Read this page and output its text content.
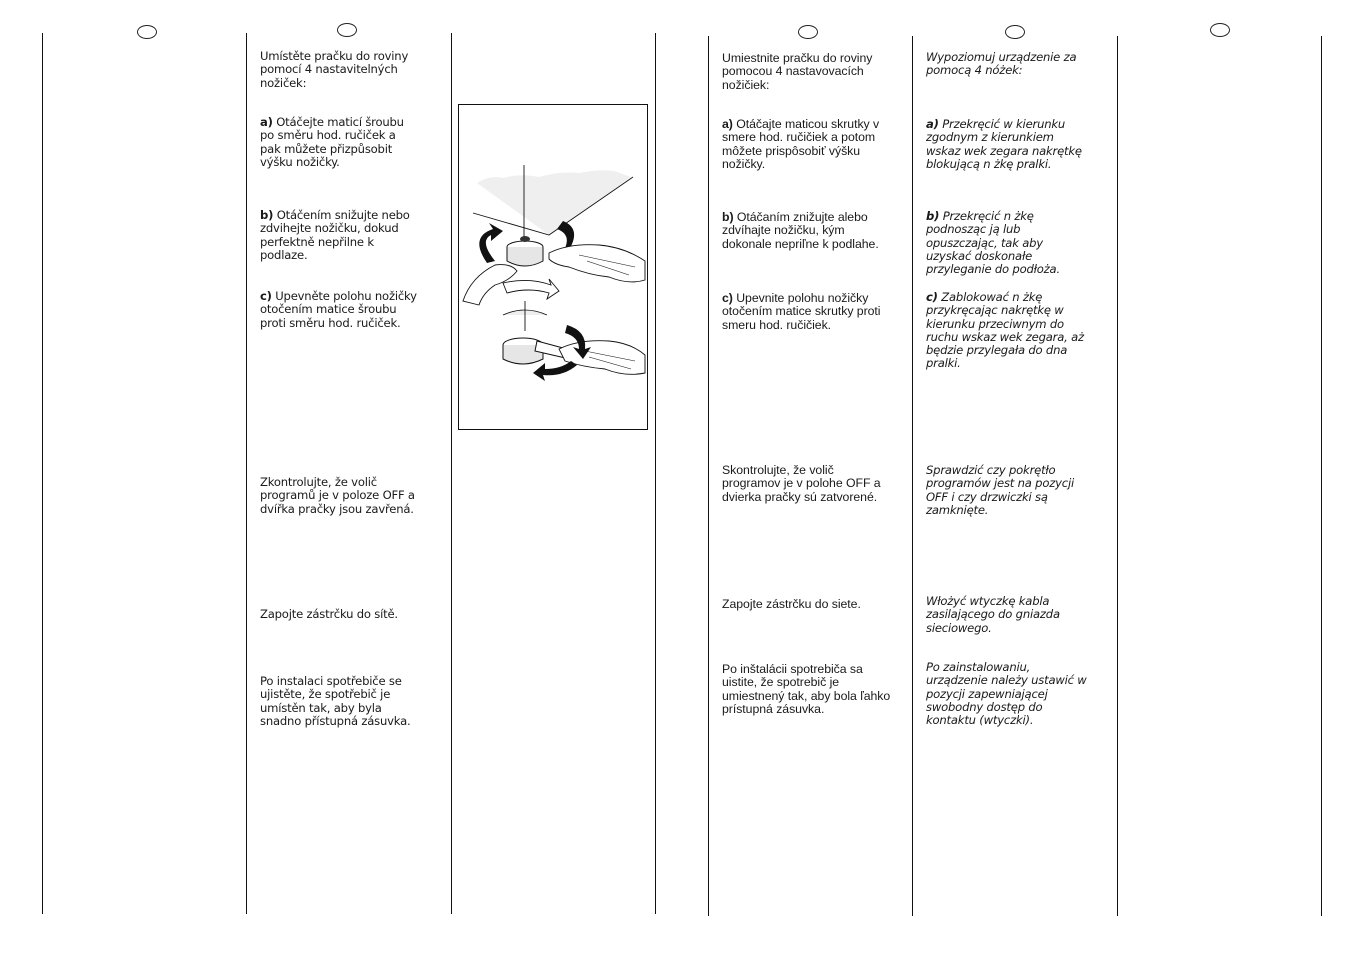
Umístěte pračku do roviny
pomocí 4 nastavitelných
nožiček:

a) Otáčejte maticí šroubu
po směru hod. ručiček a
pak můžete přizpůsobit
výšku nožičky.

b) Otáčením snižujte nebo
zdvihejte nožičku, dokud
perfektně nepřilne k
podlaze.

c) Upevněte polohu nožičky
otočením matice šroubu
proti směru hod. ručiček.

Zkontrolujte, že volič
programů je v poloze OFF a
dvířka pračky jsou zavřená.

Zapojte zástrčku do sítě.

Po instalaci spotřebiče se
ujistěte, že spotřebič je
umístěn tak, aby byla
snadno přístupná zásuvka.

Umiestnite pračku do roviny
pomocou 4 nastavovacích
nožičiek:

a) Otáčajte maticou skrutky v
smere hod. ručičiek a potom
môžete prispôsobiť výšku
nožičky.

b) Otáčaním znižujte alebo
zdvíhajte nožičku, kým
dokonale nepriľne k podlahe.

c) Upevnite polohu nožičky
otočením matice skrutky proti
smeru hod. ručičiek.

Skontrolujte, že volič
programov je v polohe OFF a
dvierka pračky sú zatvorené.

Zapojte zástrčku do siete.

Po inštalácii spotrebiča sa
uistite, že spotrebič je
umiestnený tak, aby bola ľahko
prístupná zásuvka.

Wypoziomuj urządzenie za
pomocą 4 nóżek:

a) Przekręcić w kierunku
zgodnym z kierunkiem
wskaz wek zegara nakrętkę
blokującą n żkę pralki.

b) Przekręcić n żkę
podnosząc ją lub
opuszczając, tak aby
uzyskać doskonałe
przyleganie do podłoża.

c) Zablokować n żkę
przykręcając nakrętkę w
kierunku przeciwnym do
ruchu wskaz wek zegara, aż
będzie przylegała do dna
pralki.

Sprawdzić czy pokrętło
programów jest na pozycji
OFF i czy drzwiczki są
zamknięte.

Włożyć wtyczkę kabla
zasilającego do gniazda
sieciowego.

Po zainstalowaniu,
urządzenie należy ustawić w
pozycji zapewniającej
swobodny dostęp do
kontaktu (wtyczki).
